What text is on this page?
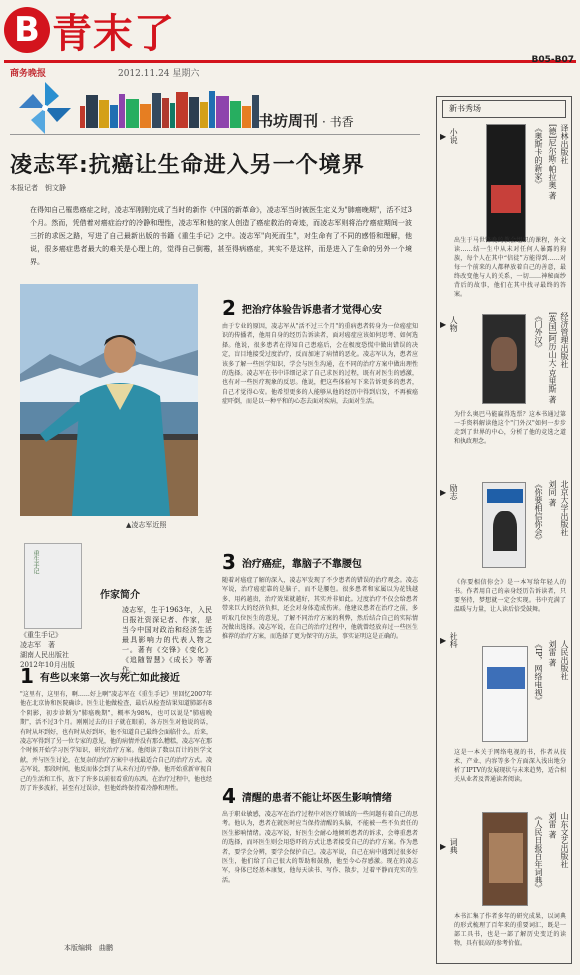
B 青末了
B05-B07
商务晚报	2012.11.24 星期六
书坊周刊 · 书香
凌志军:抗癌让生命进入另一个境界
本报记者　钥文静
在得知自己罹患癌症之时，凌志军刚刚完成了当时的新作《中国的新革命》，凌志军当时被医生定义为"肺癌晚期"，活不过3个月。然而，凭借着对癌症治疗的冷静和理性，凌志军和他的家人创造了癌症救治的奇迹，而凌志军则将治疗癌症期间一波三折的求医之路，写进了自己最新出版的书籍《重生手记》之中。凌志军"向死而生"，对生命有了不同的感悟和理解，他说，很多癌症患者最大的难关是心理上的，觉得自己倒霉，甚至得病癌症，其实不是这样，而是进入了生命的另外一个境界。
▲凌志军近照
重生手记
《重生手记》
凌志军　著
湖南人民出版社
2012年10月出版
作家简介
凌志军，生于1963年，入民日报社资深记者、作家，是当今中国对政治和经济生活最具影响力的代表人物之一。著有《交锋》《变化》《追随智慧》《成长》等著作。
1 有些以来第一次与死亡如此接近
"这里有，这里有，啊……好上啊"凌志军在《重生手记》里回忆2007年他在北京协和医院确诊。医生让他做检查，最后从检查结果知道肺部有8个阴影，初步诊断为"肺癌晚期"，概率为98%，也可以说是"肺癌晚期"，活不过3个月。刚刚过去的日子就在眼前，各方医生对他说的话，有时从坏到好，也有时从好到坏，他不知道自己最终会面临什么。后来，凌志军得到了另一位专家的意见，他的病情并没有那么糟糕，凌志军在那个时候开始学习医学知识，研究治疗方案。他阅读了数以百计的医学文献，并与医生讨论，在复杂的治疗方案中寻找最适合自己的治疗方式。凌志军说，那段时间，他反而体会到了从未有过的平静。他开始重新审视自己的生活和工作，放下了许多以前很看重的东西。在治疗过程中，他也经历了许多波折，甚至有过误诊，但他始终保持着冷静和理性。
本版编辑　曲鹏
2 把治疗体验告诉患者才觉得心安
由于专业的原因，凌志军从"活不过三个月"的重病患者转身为一位癌症知识的传播者，他用自身的经历告诉读者，面对癌症应该如何思考、如何选择。他说，很多患者在得知自己患癌后，会在极度恐慌中做出错误的决定，盲目地接受过度治疗，反而加速了病情的恶化。凌志军认为，患者应该多了解一些医学知识，学会与医生沟通，在不同的治疗方案中做出理性的选择。凌志军在书中详细记录了自己求医的过程，既有对医生的感激，也有对一些医疗现象的反思。他说，把这些体验写下来告诉更多的患者，自己才觉得心安。他希望更多的人能够从他的经历中得到启发，不再被癌症吓倒，而是以一种平和的心态去面对疾病，去面对生活。
3 治疗癌症，靠脑子不靠腰包
随着对癌症了解的深入，凌志军发现了不少患者的错误的治疗观念。凌志军说，治疗癌症靠的是脑子，而不是腰包。很多患者和家属以为花钱越多、用药越贵，治疗效果就越好，其实并非如此。过度治疗不仅会给患者带来巨大的经济负担，还会对身体造成伤害。他建议患者在治疗之前，多听取几位医生的意见，了解不同治疗方案的利弊，然后结合自己的实际情况做出选择。凌志军说，在自己的治疗过程中，他就曾经放弃过一些医生推荐的治疗方案，而选择了更为保守的方法，事实证明这是正确的。
4 清醒的患者不能让坏医生影响情绪
出于职业敏感，凌志军在治疗过程中对医疗领域的一些问题有着自己的思考。他认为，患者在就医时应当保持清醒的头脑，不能被一些不负责任的医生影响情绪。凌志军说，好医生会耐心地倾听患者的诉求，会尊重患者的选择，而坏医生则会用恐吓的方式让患者接受自己的治疗方案。作为患者，要学会分辨，要学会保护自己。凌志军说，自己在病中遇到过很多好医生，他们给了自己很大的帮助和鼓励，他至今心存感激。现在的凌志军，身体已经基本康复，他每天读书、写作、散步，过着平静而充实的生活。
新书秀场
▶ 小说	《奥斯卡的新家》 [德]尼尔斯·帕拉奥 著 译林出版社
出生于马世锋晚的教会组织的课程，外文读……结一生中从未对任何人暴露的狗族，每个人在其中“信徒”方能得到……对每一个前来的人都释放着自己的善意，最终改变他与人的关系，一切……神秘面纱背后的故事，他们在其中找寻最终的答案。
▶ 人物	《门外汉》 [英国]阿历山大·克里斯 著 经济管理出版社
为什么奥巴马能赢得选票？这本书通过第一手资料解读他这个"门外汉"如何一步步走到了世界的中心，分析了他的竞选之道和执政理念。
▶ 励志	《你要相信你会》 刘同 著 北京大学出版社
《你要相信你会》是一本写给年轻人的书。作者用自己的亲身经历告诉读者，只要坚持，梦想就一定会实现。书中充满了温暖与力量，让人读后倍受鼓舞。
▶ 社科	《IP，网络电视》 刘雷 著 人民出版社
这是一本关于网络电视的书，作者从技术、产业、内容等多个方面深入浅出地分析了IPTV的发展现状与未来趋势，适合相关从业者及普通读者阅读。
▶ 词典	《人民日报百年词典》 刘雷 著 山东文艺出版社
本书汇集了作者多年的研究成果，以词典的形式梳理了百年来的重要词汇，既是一部工具书，也是一部了解历史变迁的读物，具有很高的参考价值。
